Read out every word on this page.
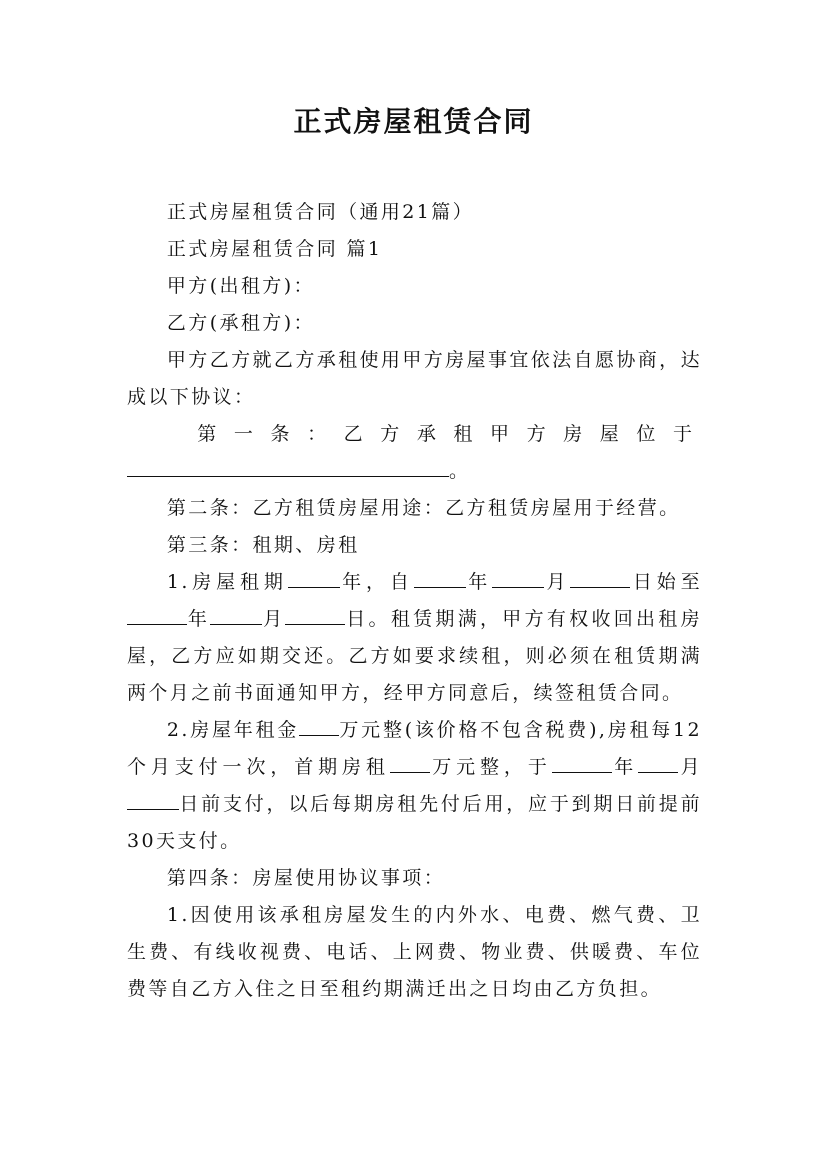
正式房屋租赁合同

正式房屋租赁合同（通用21篇）

正式房屋租赁合同 篇1

甲方(出租方)：

乙方(承租方)：

甲方乙方就乙方承租使用甲方房屋事宜依法自愿协商，达成以下协议：

第一条：乙方承租甲方房屋位于

。

第二条：乙方租赁房屋用途：乙方租赁房屋用于经营。

第三条：租期、房租

1.房屋租期	年，自	年	月	日始至年	月	日。租赁期满，甲方有权收回出租房屋，乙方应如期交还。乙方如要求续租，则必须在租赁期满两个月之前书面通知甲方，经甲方同意后，续签租赁合同。

2.房屋年租金 万元整(该价格不包含税费),房租每12个月支付一次，首期房租 万元整，于	年 月日前支付，以后每期房租先付后用，应于到期日前提前30天支付。

第四条：房屋使用协议事项：

1.因使用该承租房屋发生的内外水、电费、燃气费、卫生费、有线收视费、电话、上网费、物业费、供暖费、车位费等自乙方入住之日至租约期满迁出之日均由乙方负担。
